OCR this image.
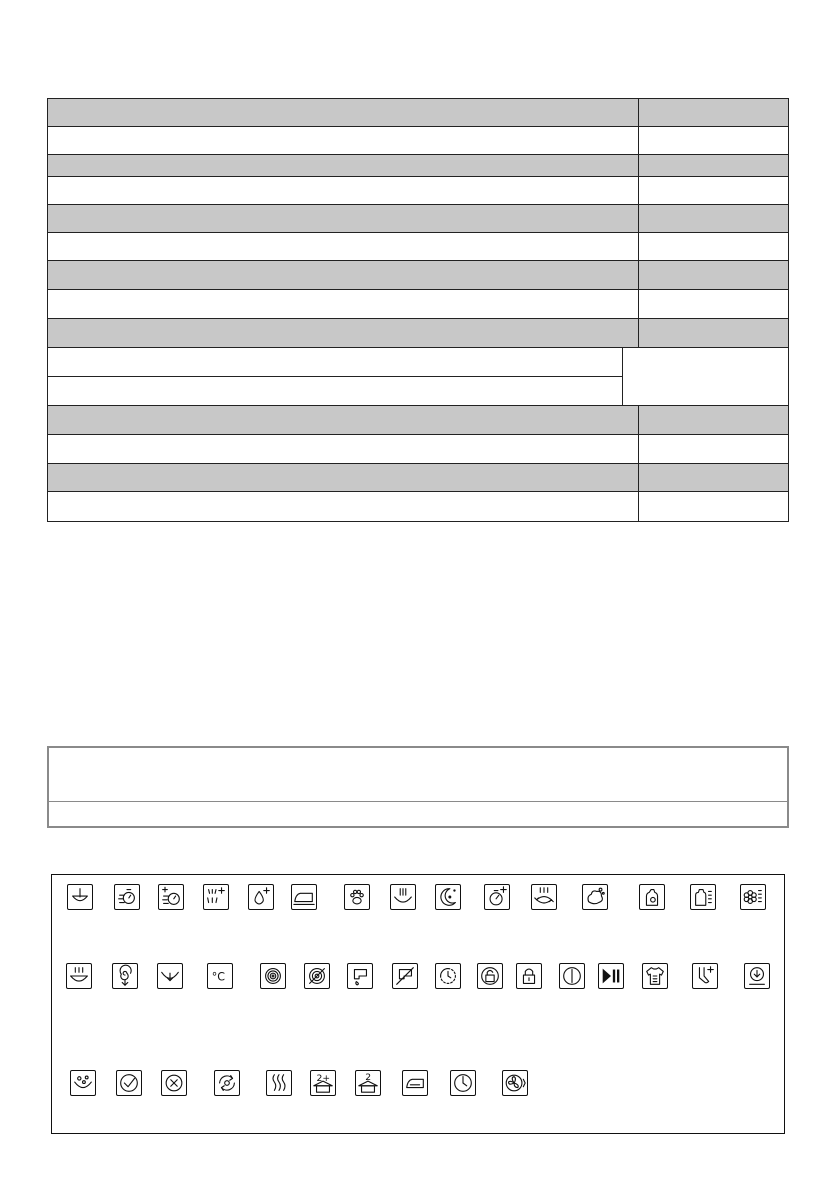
°C
2+	2
